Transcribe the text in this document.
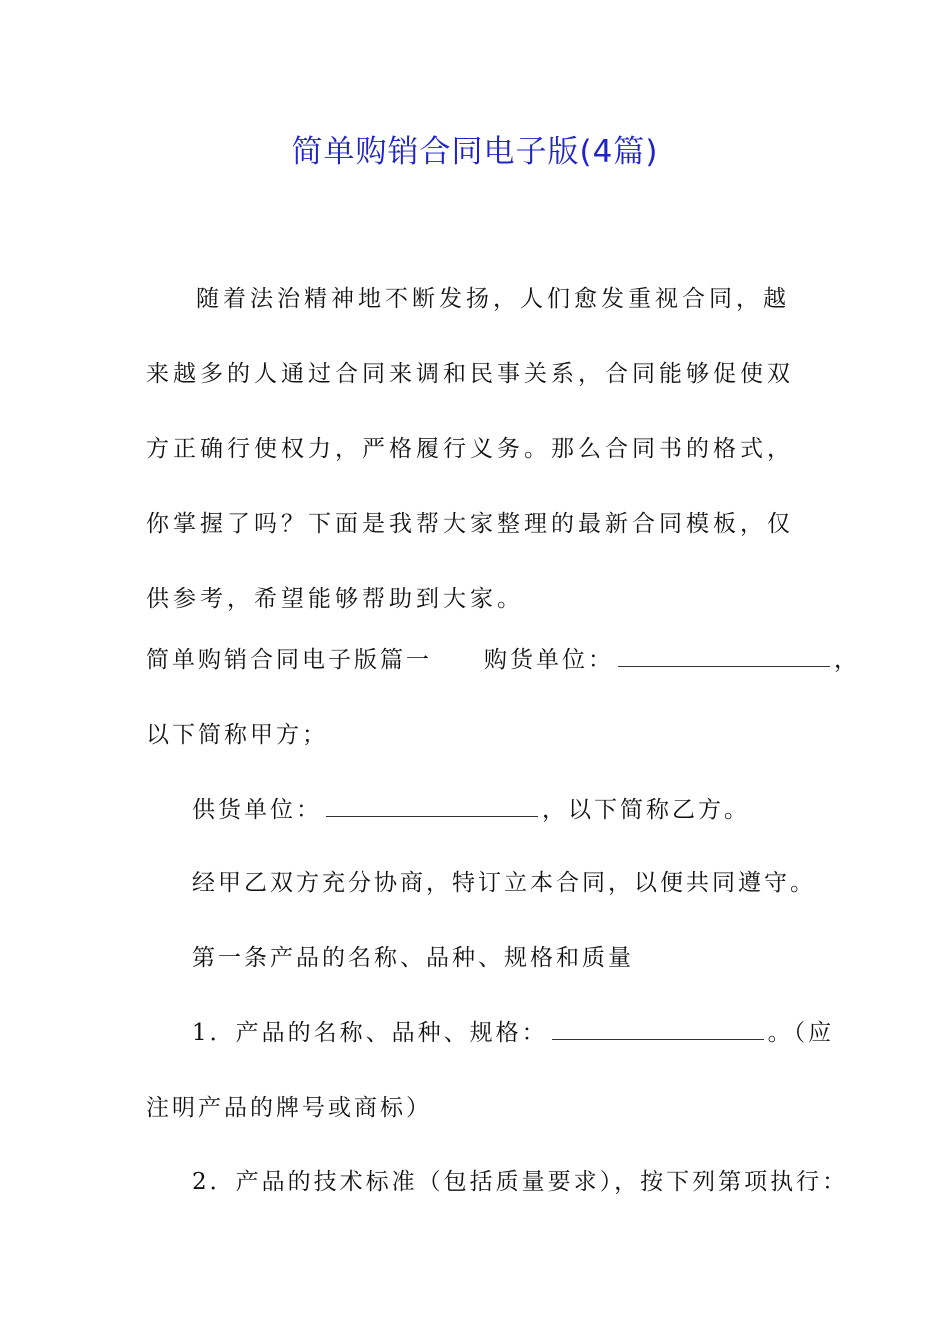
简单购销合同电子版(4篇)

随着法治精神地不断发扬，人们愈发重视合同，越来越多的人通过合同来调和民事关系，合同能够促使双方正确行使权力，严格履行义务。那么合同书的格式，你掌握了吗？下面是我帮大家整理的最新合同模板，仅供参考，希望能够帮助到大家。

简单购销合同电子版篇一 购货单位：	，

以下简称甲方；

供货单位：	，以下简称乙方。

经甲乙双方充分协商，特订立本合同，以便共同遵守。

第一条产品的名称、品种、规格和质量

1．产品的名称、品种、规格：	。（应

注明产品的牌号或商标）

2．产品的技术标准（包括质量要求），按下列第项执行：
